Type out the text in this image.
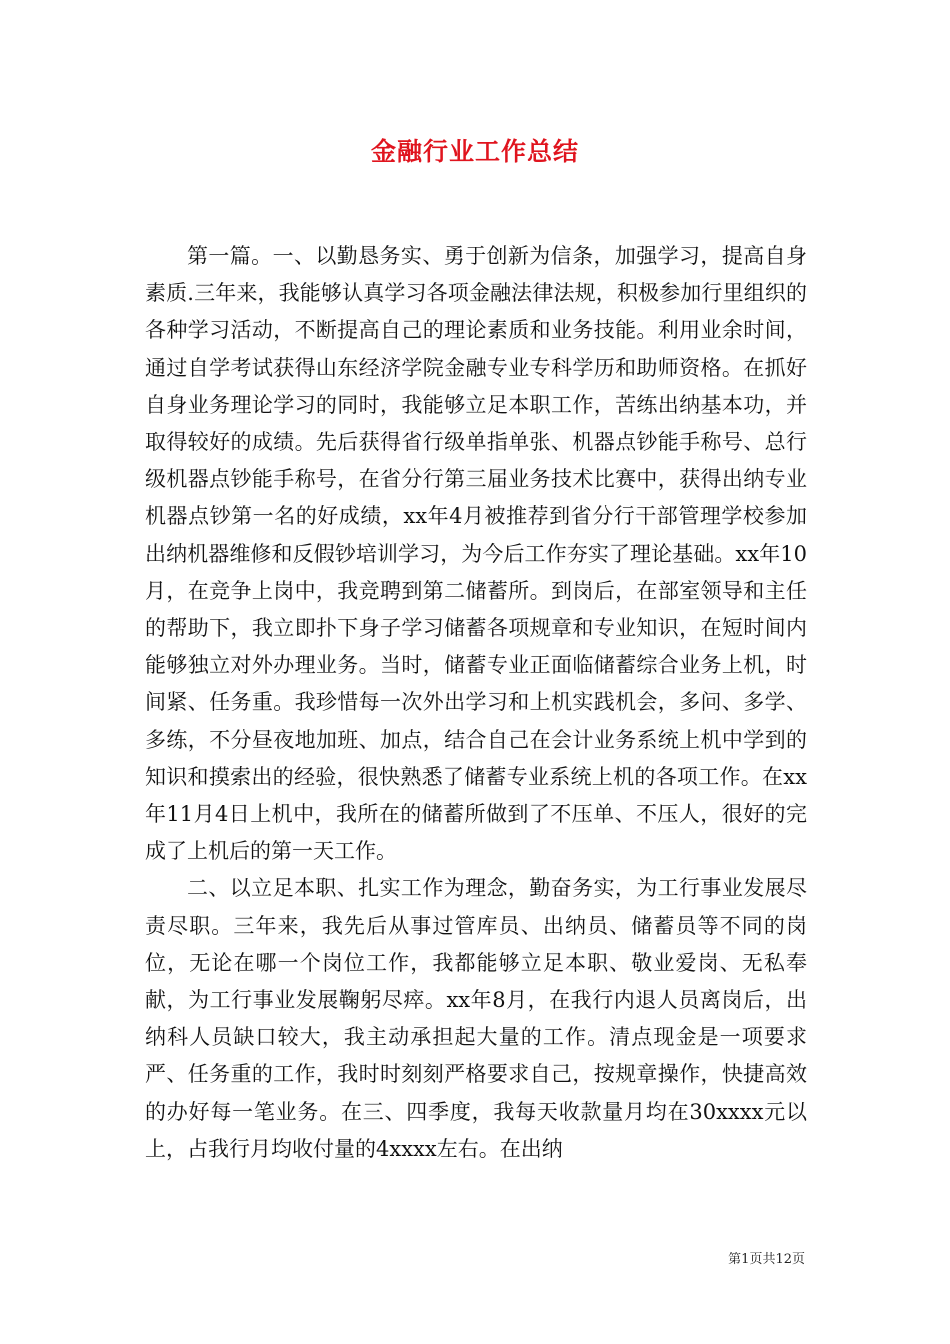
金融行业工作总结

第一篇。一、以勤恳务实、勇于创新为信条，加强学习，提高自身素质.三年来，我能够认真学习各项金融法律法规，积极参加行里组织的各种学习活动，不断提高自己的理论素质和业务技能。利用业余时间，通过自学考试获得山东经济学院金融专业专科学历和助师资格。在抓好自身业务理论学习的同时，我能够立足本职工作，苦练出纳基本功，并取得较好的成绩。先后获得省行级单指单张、机器点钞能手称号、总行级机器点钞能手称号，在省分行第三届业务技术比赛中，获得出纳专业机器点钞第一名的好成绩，xx年4月被推荐到省分行干部管理学校参加出纳机器维修和反假钞培训学习，为今后工作夯实了理论基础。xx年10月，在竞争上岗中，我竞聘到第二储蓄所。到岗后，在部室领导和主任的帮助下，我立即扑下身子学习储蓄各项规章和专业知识，在短时间内能够独立对外办理业务。当时，储蓄专业正面临储蓄综合业务上机，时间紧、任务重。我珍惜每一次外出学习和上机实践机会，多问、多学、多练，不分昼夜地加班、加点，结合自己在会计业务系统上机中学到的知识和摸索出的经验，很快熟悉了储蓄专业系统上机的各项工作。在xx年11月4日上机中，我所在的储蓄所做到了不压单、不压人，很好的完成了上机后的第一天工作。

二、以立足本职、扎实工作为理念，勤奋务实，为工行事业发展尽责尽职。三年来，我先后从事过管库员、出纳员、储蓄员等不同的岗位，无论在哪一个岗位工作，我都能够立足本职、敬业爱岗、无私奉献，为工行事业发展鞠躬尽瘁。xx年8月，在我行内退人员离岗后，出纳科人员缺口较大，我主动承担起大量的工作。清点现金是一项要求严、任务重的工作，我时时刻刻严格要求自己，按规章操作，快捷高效的办好每一笔业务。在三、四季度，我每天收款量月均在30xxxx元以上，占我行月均收付量的4xxxx左右。在出纳

第1页共12页
